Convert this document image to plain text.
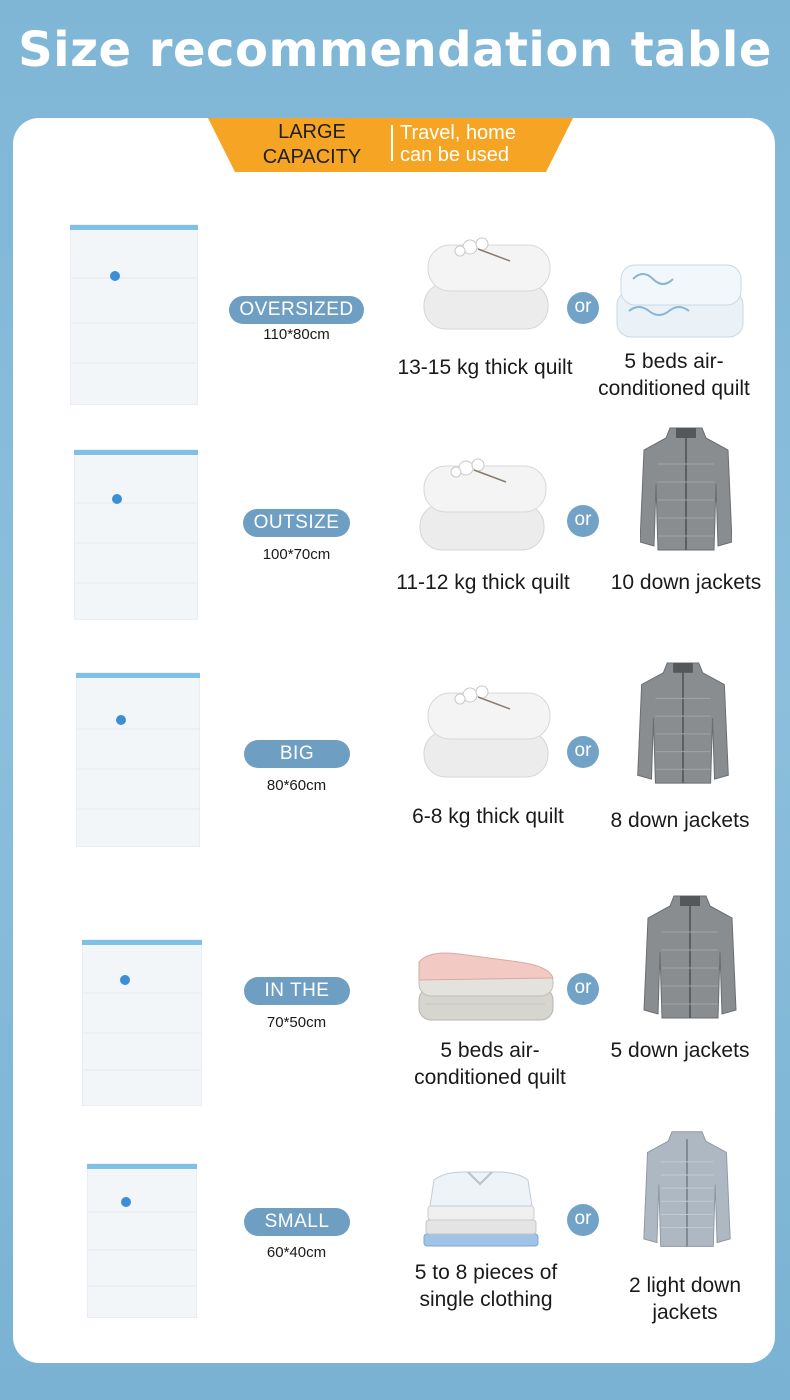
Size recommendation table
LARGE CAPACITY
Travel, home can be used
OVERSIZED
110*80cm
13-15 kg thick quilt
or
5 beds air-conditioned quilt
OUTSIZE
100*70cm
11-12 kg thick quilt
or
10 down jackets
BIG
80*60cm
6-8 kg thick quilt
or
8 down jackets
IN THE
70*50cm
5 beds air-conditioned quilt
or
5 down jackets
SMALL
60*40cm
5 to 8 pieces of single clothing
or
2 light down jackets
